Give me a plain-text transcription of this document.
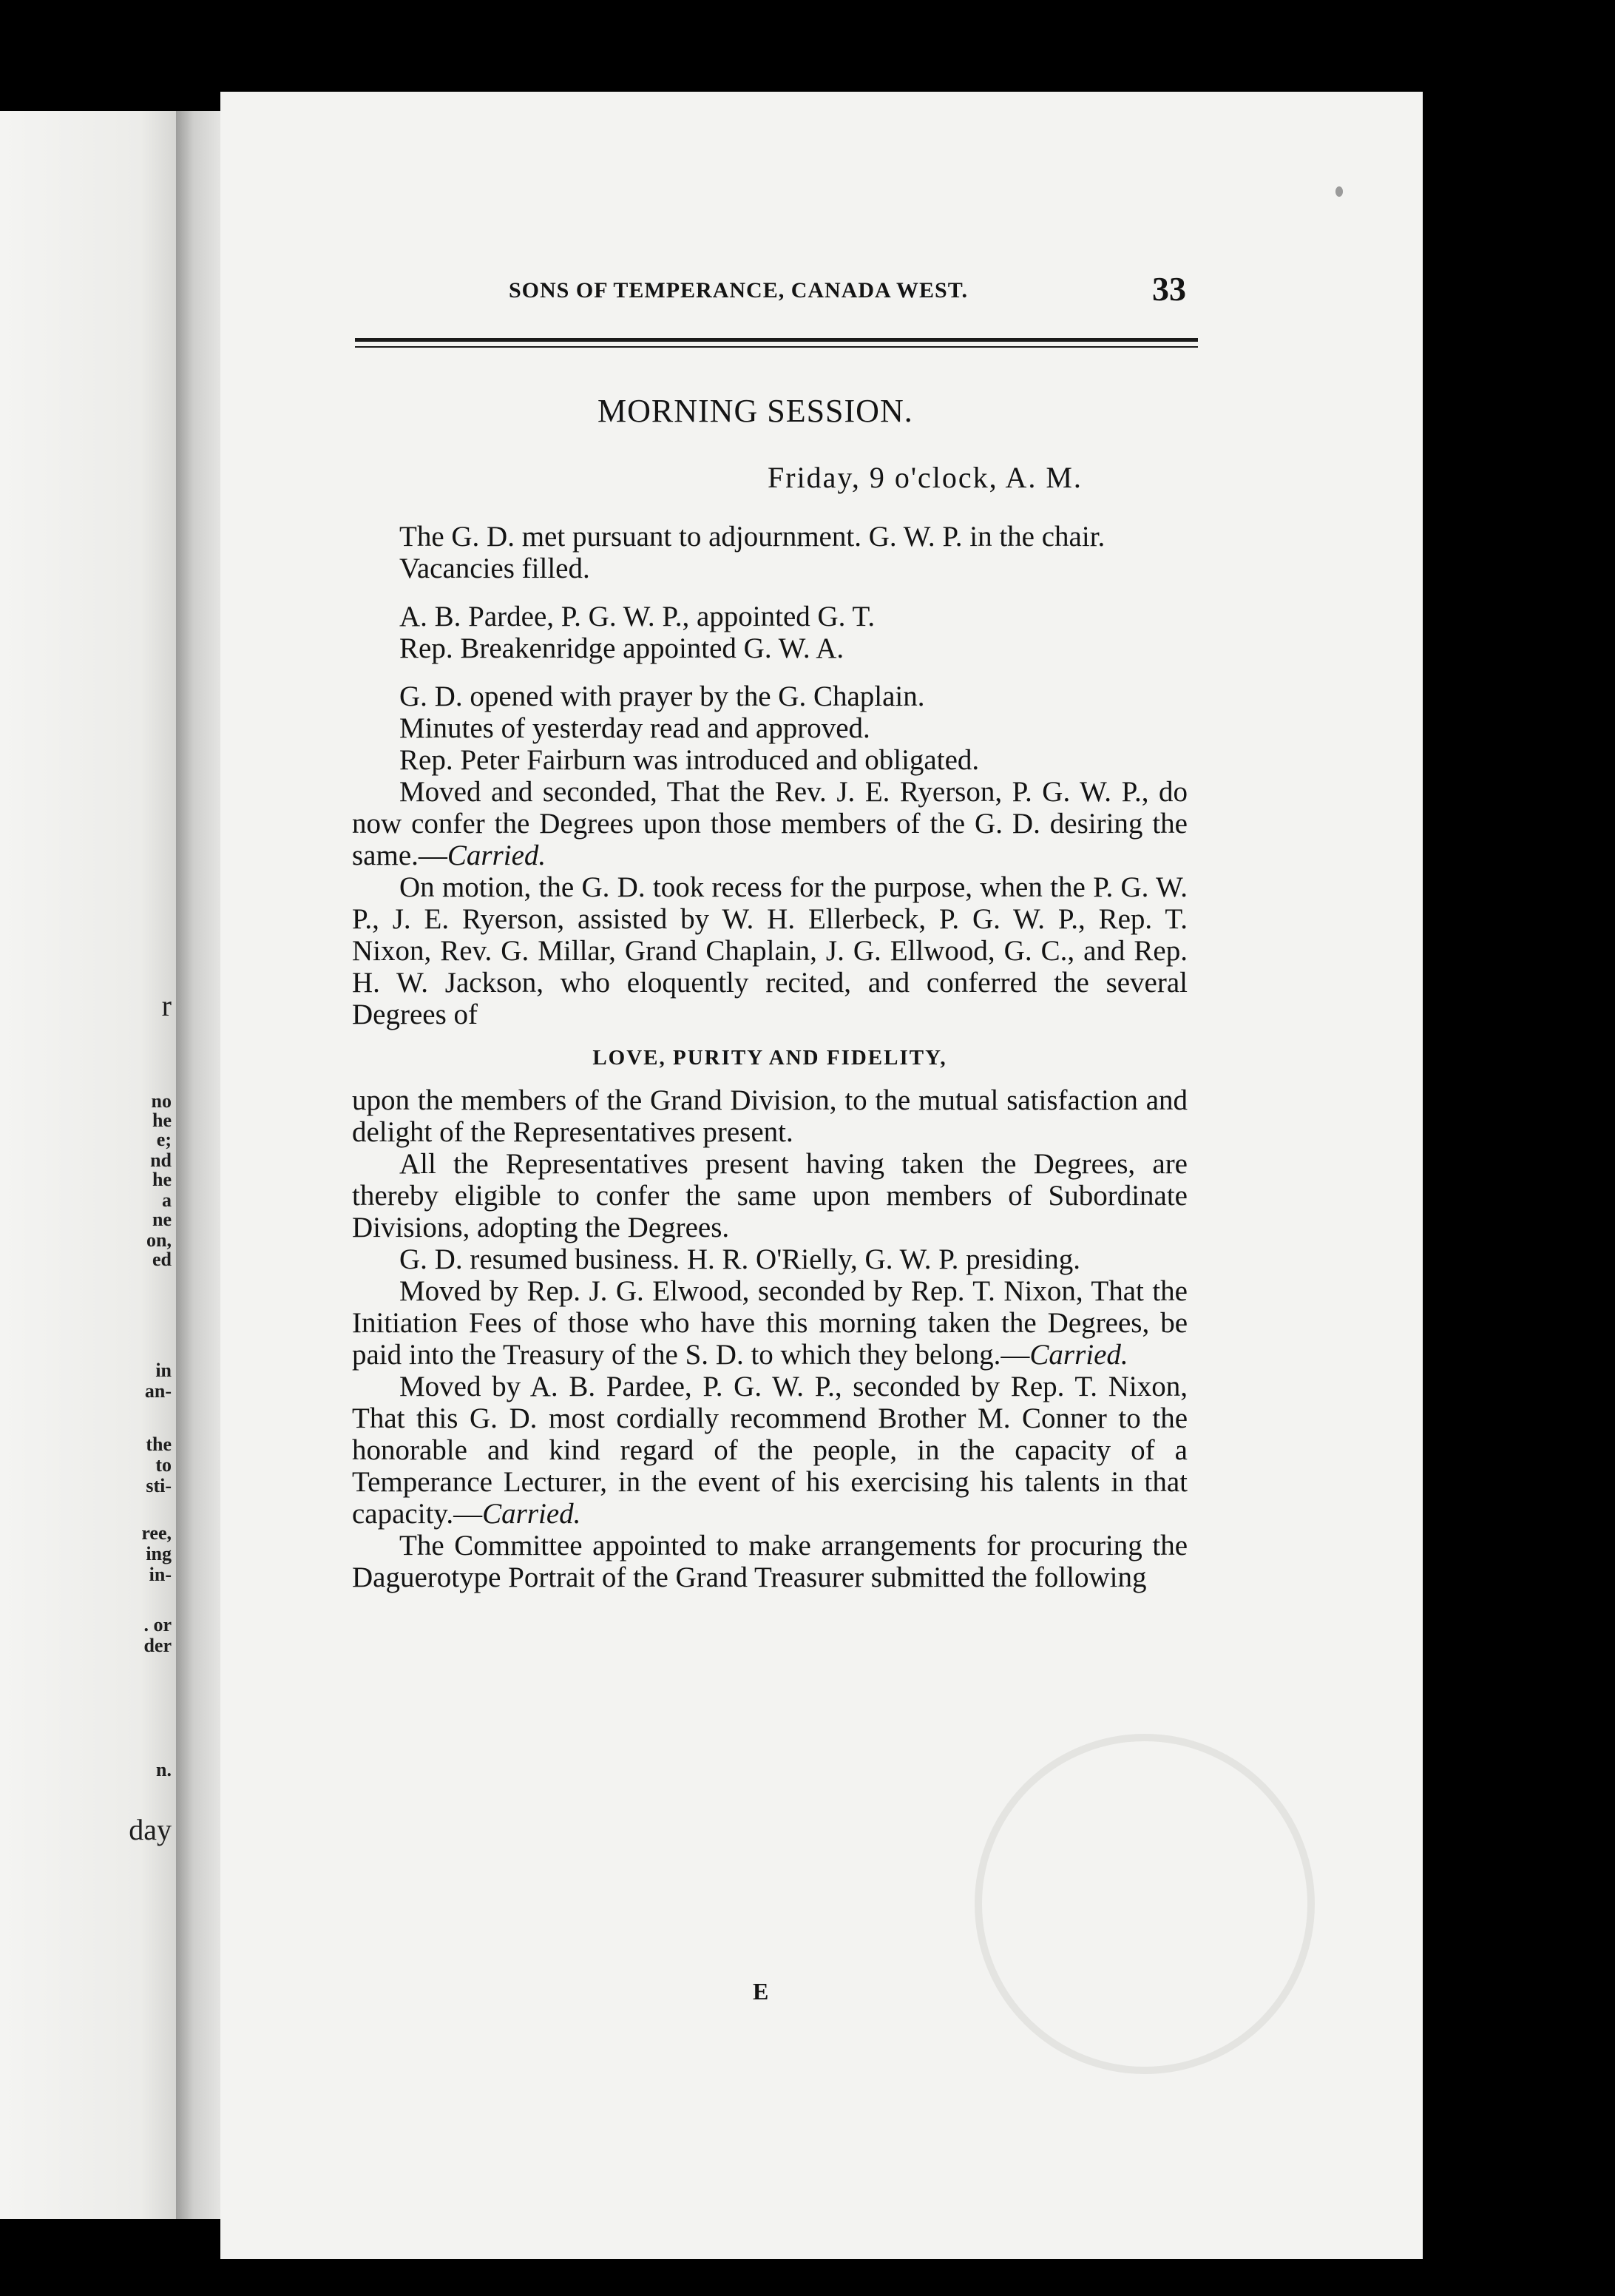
r
no
he
e;
nd
he
a
ne
on,
ed
in
an-
the
to
sti-
ree,
ing
in-
. or
der
n.
day
SONS OF TEMPERANCE, CANADA WEST.	33
MORNING SESSION.
Friday, 9 o'clock, A. M.

The G. D. met pursuant to adjournment. G. W. P. in the chair.

Vacancies filled.

A. B. Pardee, P. G. W. P., appointed G. T.

Rep. Breakenridge appointed G. W. A.

G. D. opened with prayer by the G. Chaplain.

Minutes of yesterday read and approved.

Rep. Peter Fairburn was introduced and obligated.

Moved and seconded, That the Rev. J. E. Ryerson, P. G. W. P., do now confer the Degrees upon those members of the G. D. desiring the same.—Carried.

On motion, the G. D. took recess for the purpose, when the P. G. W. P., J. E. Ryerson, assisted by W. H. Ellerbeck, P. G. W. P., Rep. T. Nixon, Rev. G. Millar, Grand Chaplain, J. G. Ellwood, G. C., and Rep. H. W. Jackson, who eloquently recited, and conferred the several Degrees of

LOVE, PURITY AND FIDELITY,

upon the members of the Grand Division, to the mutual satisfaction and delight of the Representatives present.

All the Representatives present having taken the Degrees, are thereby eligible to confer the same upon members of Subordinate Divisions, adopting the Degrees.

G. D. resumed business. H. R. O'Rielly, G. W. P. presiding.

Moved by Rep. J. G. Elwood, seconded by Rep. T. Nixon, That the Initiation Fees of those who have this morning taken the Degrees, be paid into the Treasury of the S. D. to which they belong.—Carried.

Moved by A. B. Pardee, P. G. W. P., seconded by Rep. T. Nixon, That this G. D. most cordially recommend Brother M. Conner to the honorable and kind regard of the people, in the capacity of a Temperance Lecturer, in the event of his exercising his talents in that capacity.—Carried.

The Committee appointed to make arrangements for procuring the Daguerotype Portrait of the Grand Treasurer submitted the following

E
